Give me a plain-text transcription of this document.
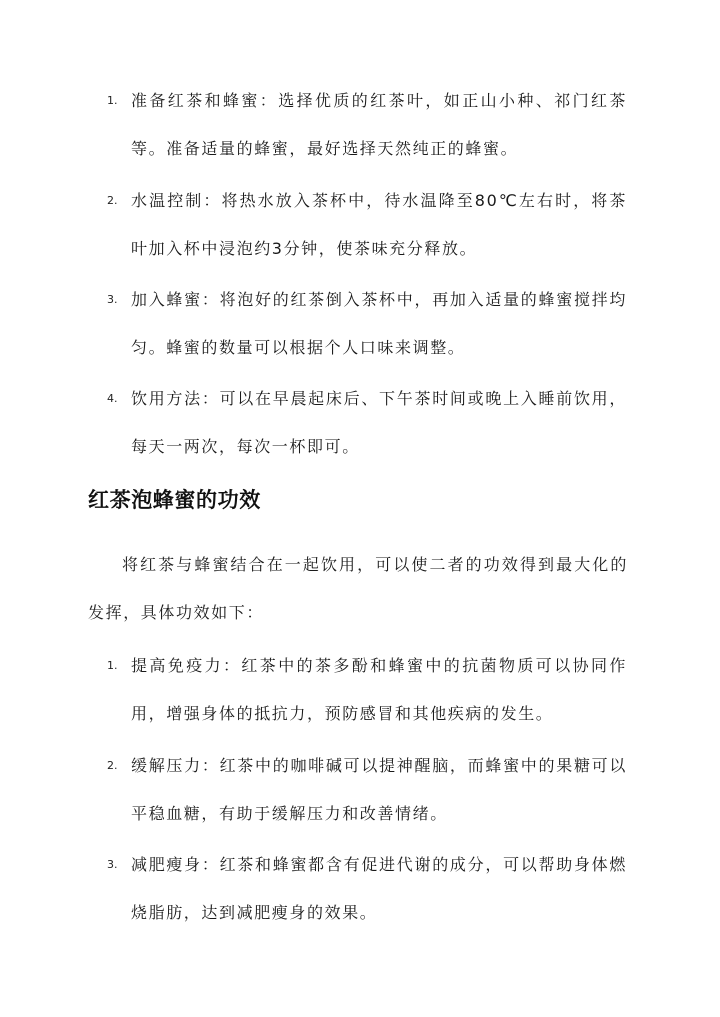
1. 准备红茶和蜂蜜：选择优质的红茶叶，如正山小种、祁门红茶等。准备适量的蜂蜜，最好选择天然纯正的蜂蜜。
2. 水温控制：将热水放入茶杯中，待水温降至80℃左右时，将茶叶加入杯中浸泡约3分钟，使茶味充分释放。
3. 加入蜂蜜：将泡好的红茶倒入茶杯中，再加入适量的蜂蜜搅拌均匀。蜂蜜的数量可以根据个人口味来调整。
4. 饮用方法：可以在早晨起床后、下午茶时间或晚上入睡前饮用，每天一两次，每次一杯即可。
红茶泡蜂蜜的功效

将红茶与蜂蜜结合在一起饮用，可以使二者的功效得到最大化的发挥，具体功效如下：

1. 提高免疫力：红茶中的茶多酚和蜂蜜中的抗菌物质可以协同作用，增强身体的抵抗力，预防感冒和其他疾病的发生。
2. 缓解压力：红茶中的咖啡碱可以提神醒脑，而蜂蜜中的果糖可以平稳血糖，有助于缓解压力和改善情绪。
3. 减肥瘦身：红茶和蜂蜜都含有促进代谢的成分，可以帮助身体燃烧脂肪，达到减肥瘦身的效果。
